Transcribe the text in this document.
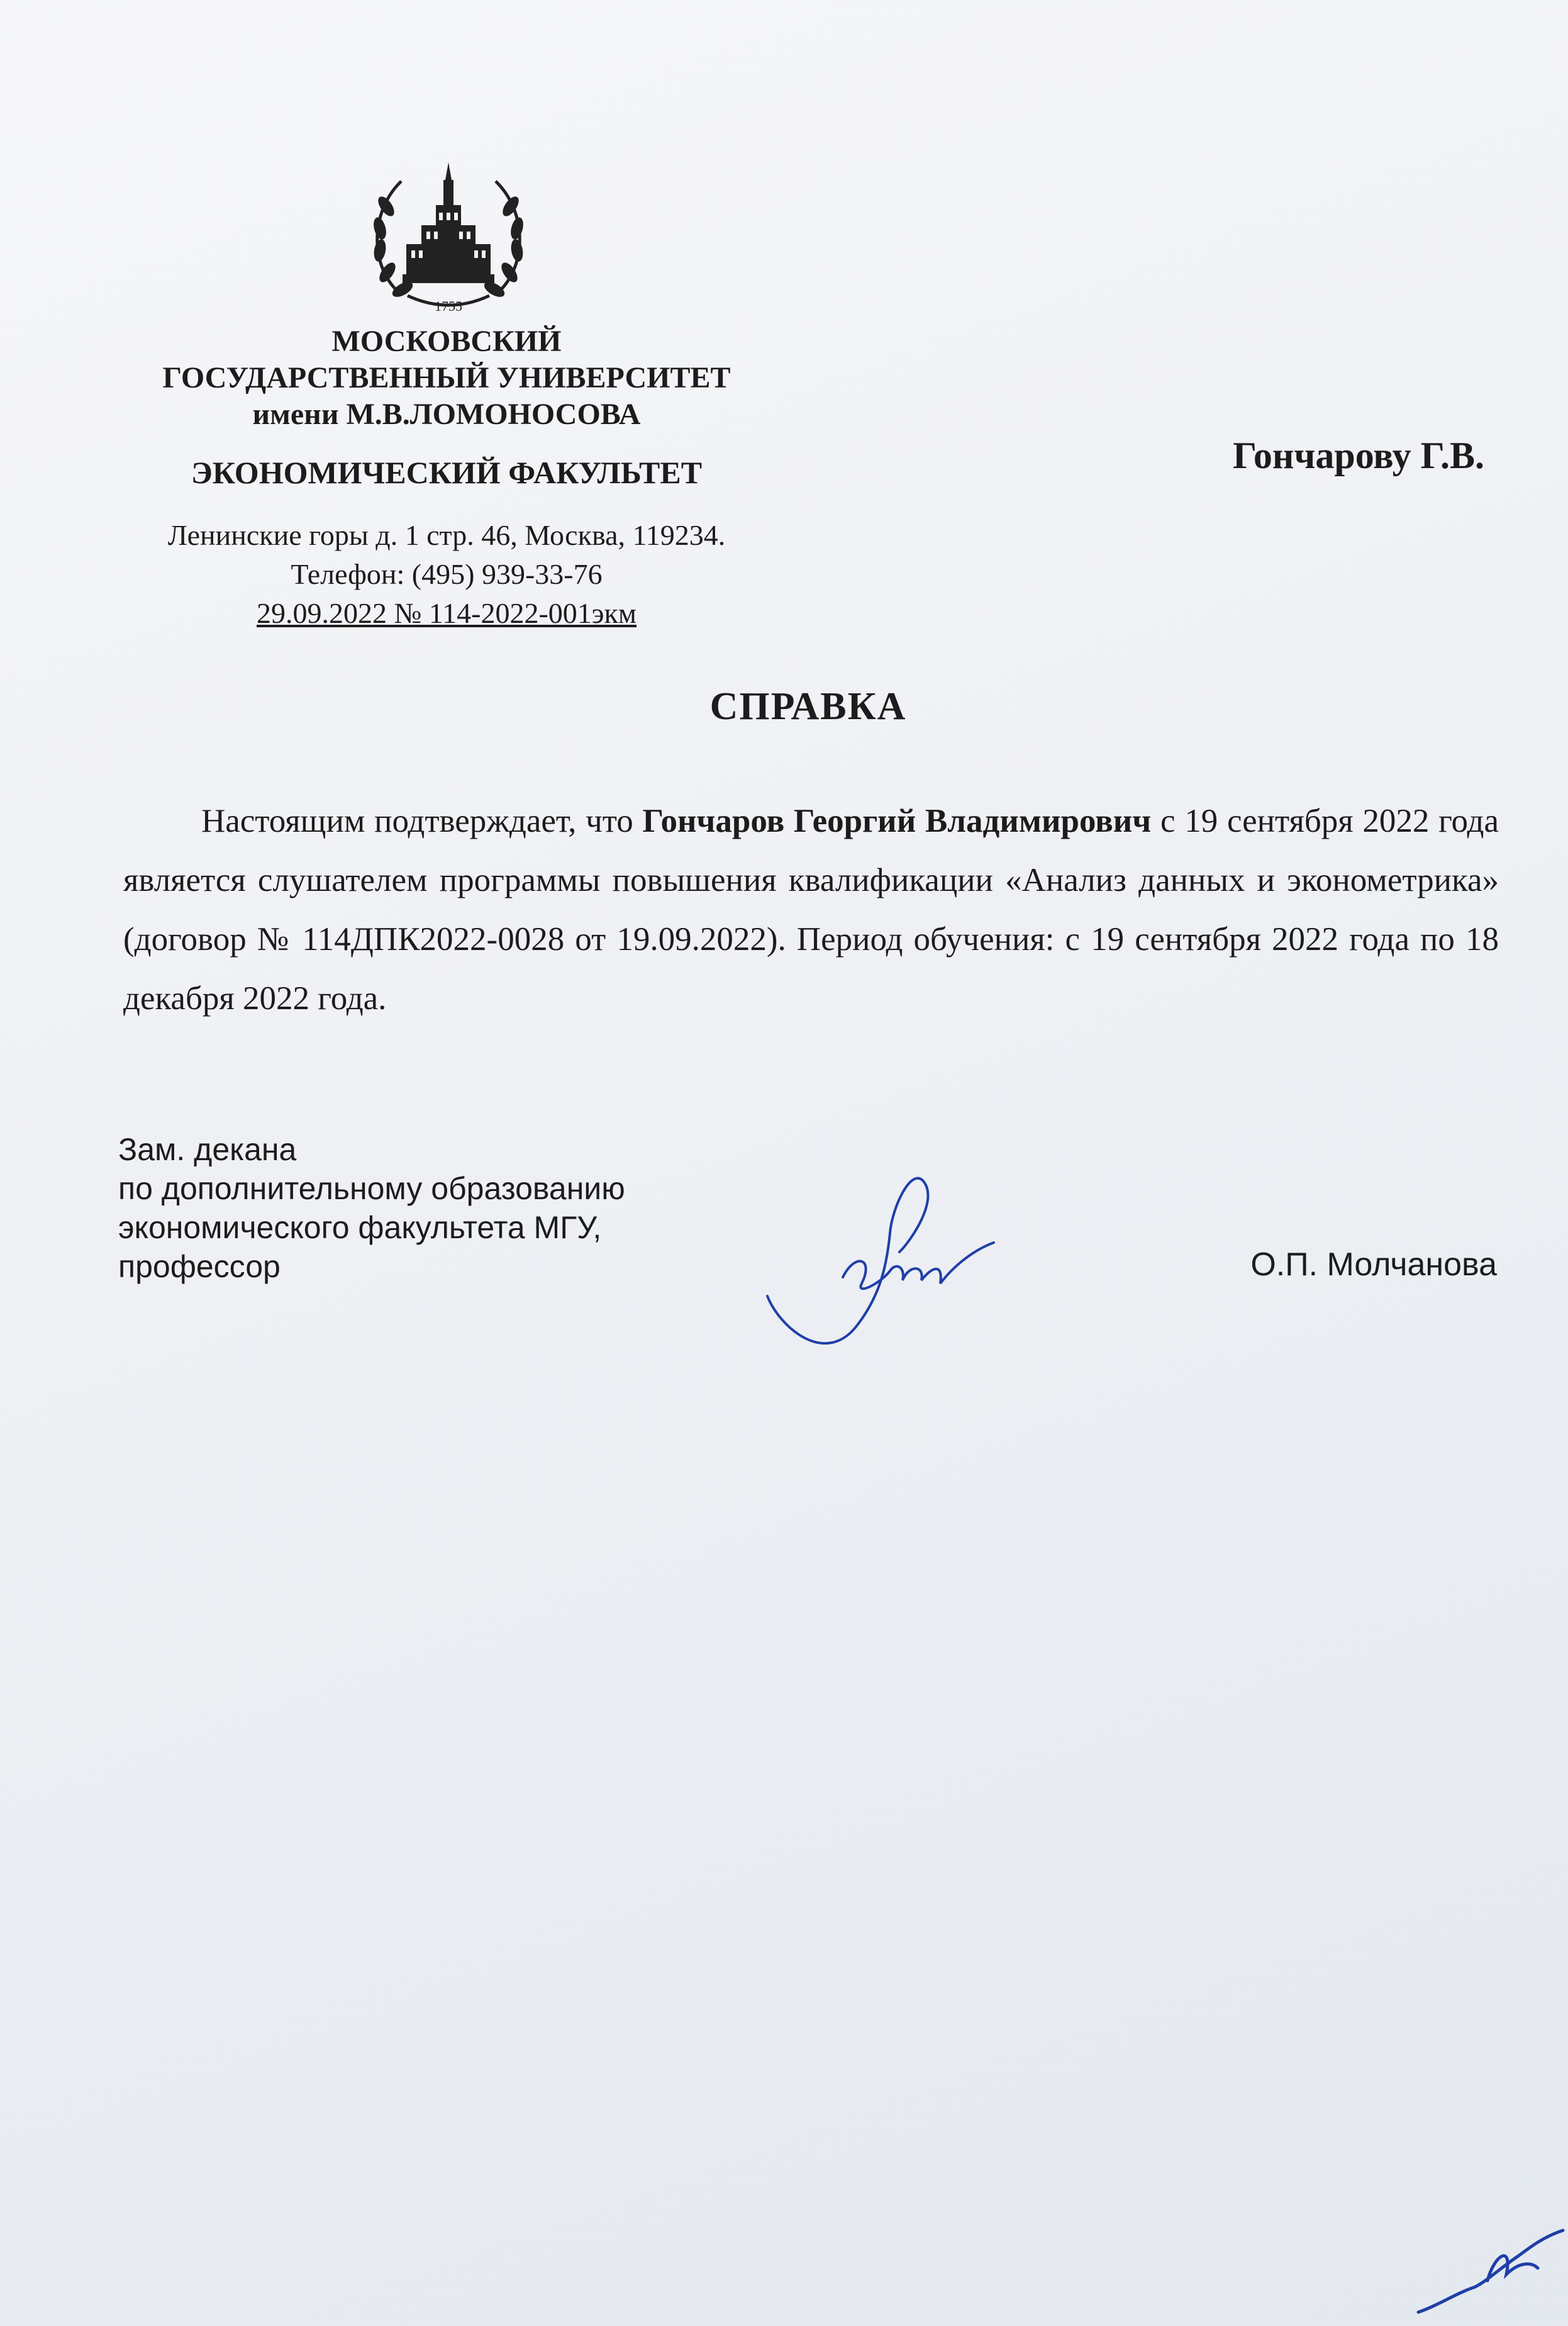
1755
МОСКОВСКИЙ
ГОСУДАРСТВЕННЫЙ УНИВЕРСИТЕТ
имени М.В.ЛОМОНОСОВА
ЭКОНОМИЧЕСКИЙ ФАКУЛЬТЕТ
Ленинские горы д. 1 стр. 46, Москва, 119234.
Телефон: (495) 939-33-76
29.09.2022 № 114-2022-001экм
Гончарову Г.В.
СПРАВКА
Настоящим подтверждает, что Гончаров Георгий Владимирович с 19 сентября 2022 года является слушателем программы повышения квалификации «Анализ данных и эконометрика» (договор № 114ДПК2022-0028 от 19.09.2022). Период обучения: с 19 сентября 2022 года по 18 декабря 2022 года.
Зам. декана
по дополнительному образованию
экономического факультета МГУ,
профессор	О.П. Молчанова
